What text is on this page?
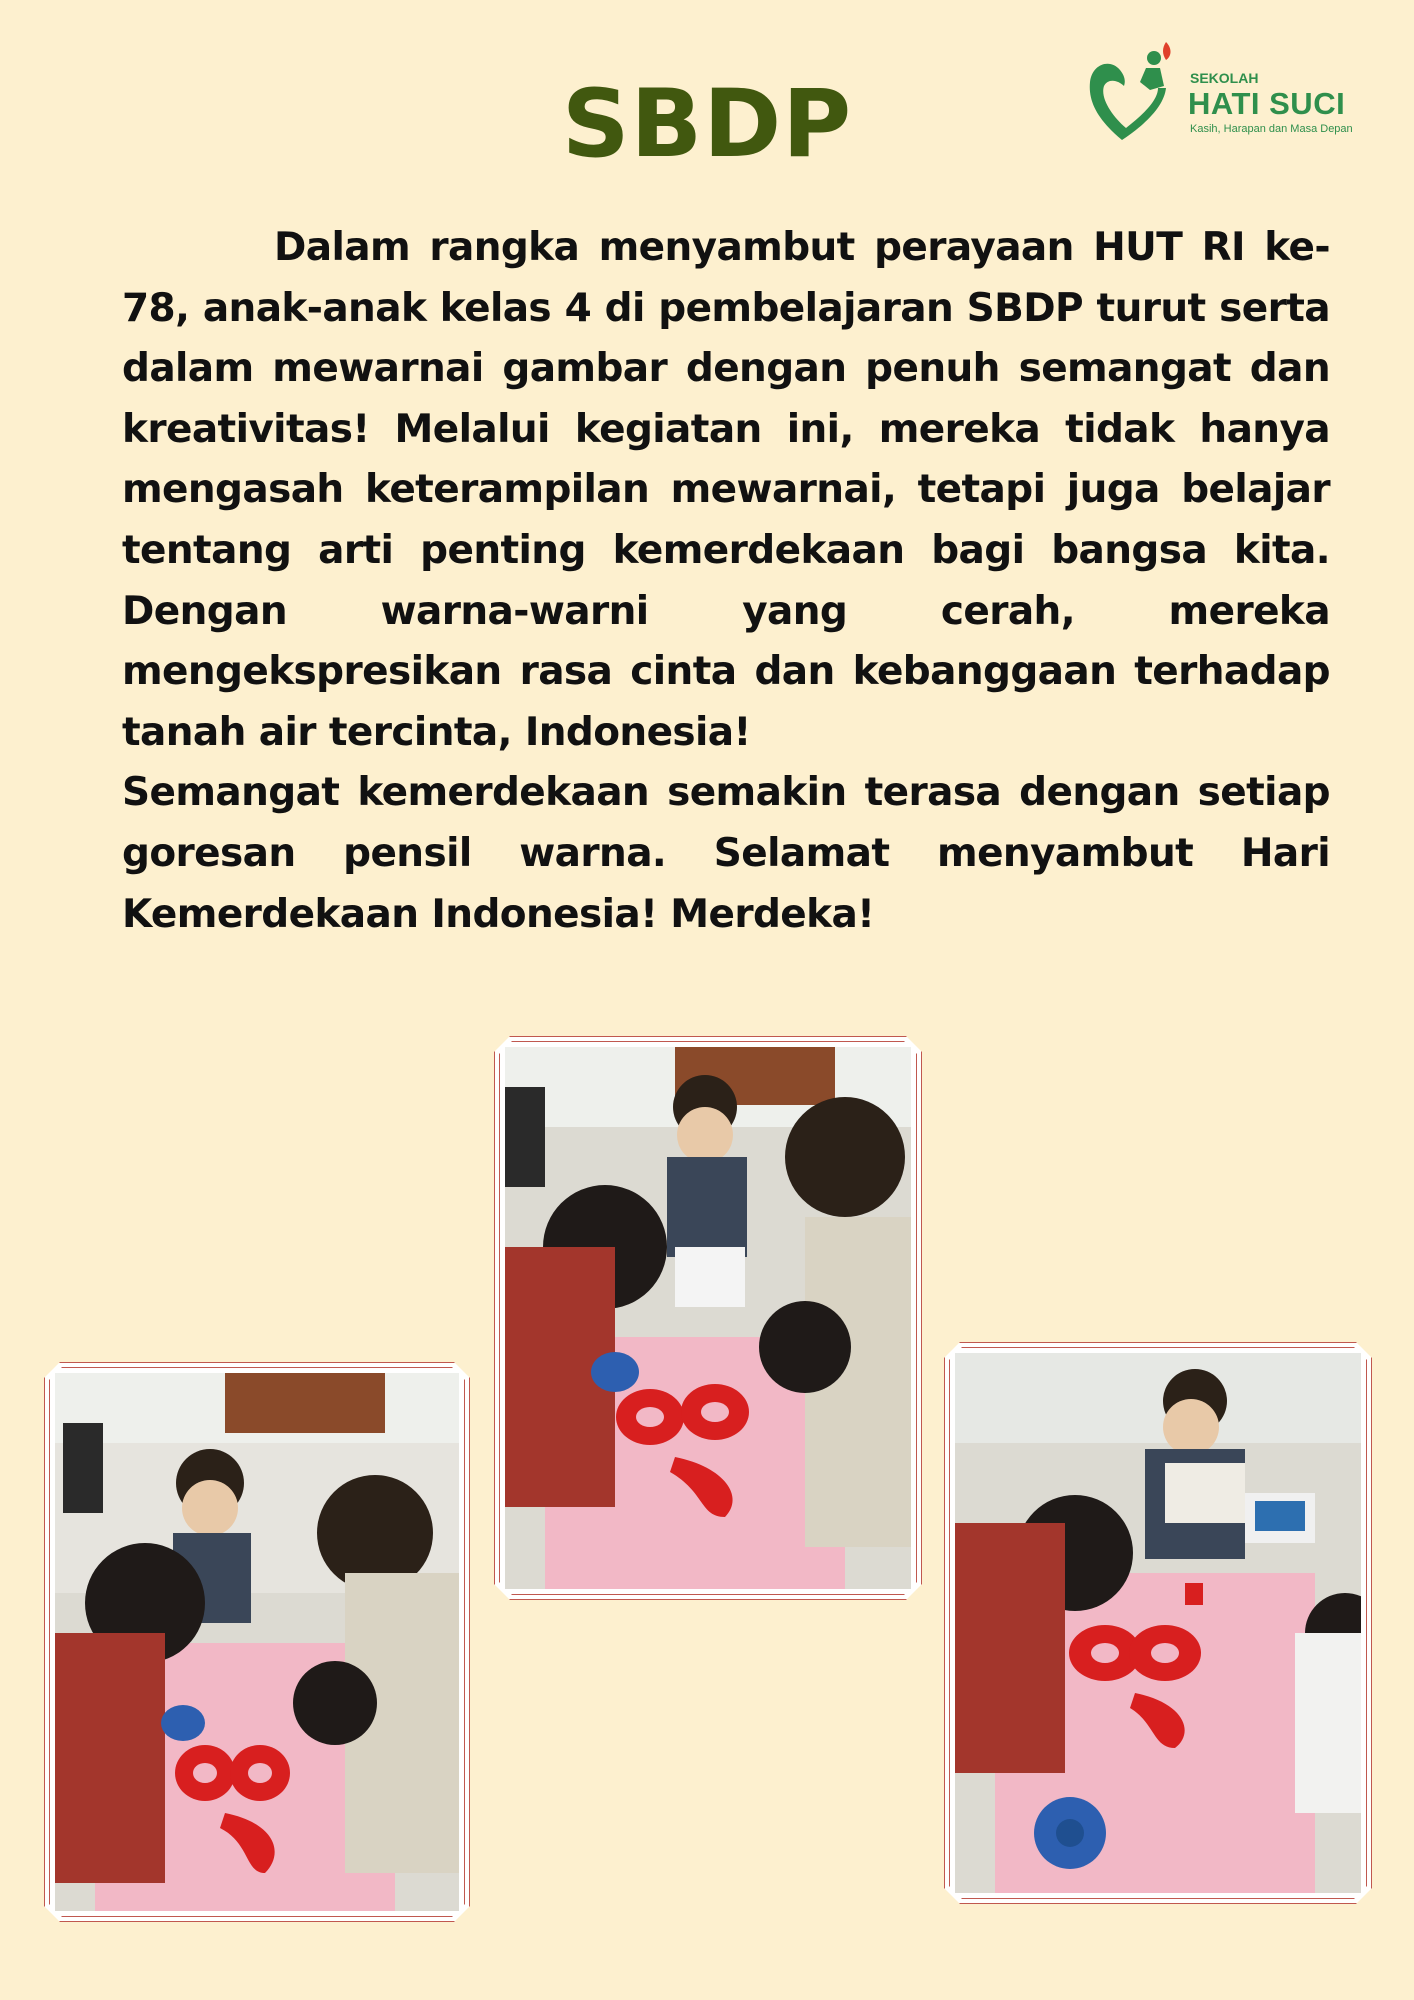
SBDP	SEKOLAH
HATI SUCI
Kasih, Harapan dan Masa Depan

Dalam rangka menyambut perayaan HUT RI ke-78, anak-anak kelas 4 di pembelajaran SBDP turut serta dalam mewarnai gambar dengan penuh semangat dan kreativitas! Melalui kegiatan ini, mereka tidak hanya mengasah keterampilan mewarnai, tetapi juga belajar tentang arti penting kemerdekaan bagi bangsa kita. Dengan warna-warni yang cerah, mereka mengekspresikan rasa cinta dan kebanggaan terhadap tanah air tercinta, Indonesia!

Semangat kemerdekaan semakin terasa dengan setiap goresan pensil warna. Selamat menyambut Hari Kemerdekaan Indonesia! Merdeka!
